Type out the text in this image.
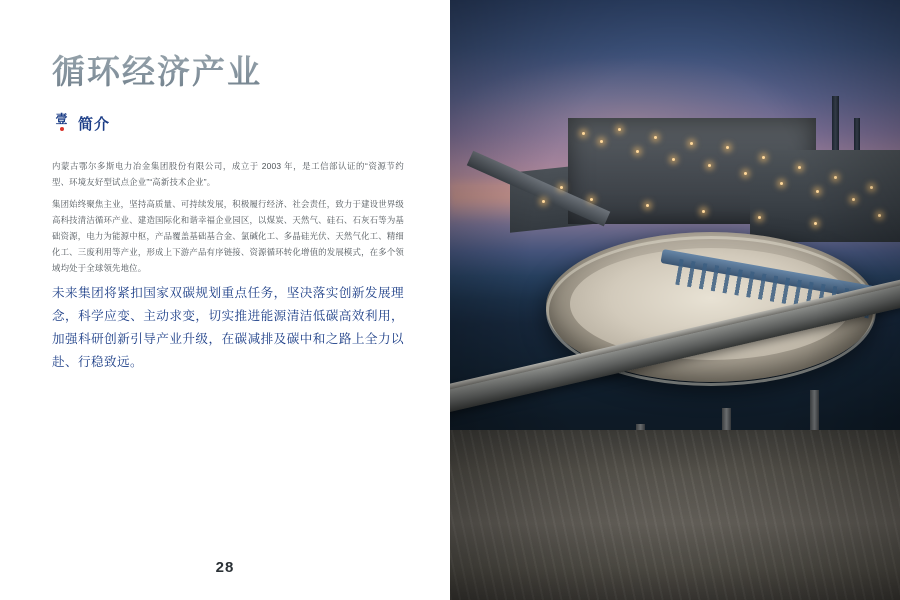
循环经济产业
壹 简介
内蒙古鄂尔多斯电力冶金集团股份有限公司，成立于 2003 年，是工信部认证的“资源节约型、环境友好型试点企业”“高新技术企业”。
集团始终聚焦主业，坚持高质量、可持续发展，积极履行经济、社会责任，致力于建设世界级高科技清洁循环产业、建造国际化和谐幸福企业园区，以煤炭、天然气、硅石、石灰石等为基础资源，电力为能源中枢，产品覆盖基础基合金、氯碱化工、多晶硅光伏、天然气化工、精细化工、三废利用等产业，形成上下游产品有序链接、资源循环转化增值的发展模式，在多个领域均处于全球领先地位。
未来集团将紧扣国家双碳规划重点任务，坚决落实创新发展理念，科学应变、主动求变，切实推进能源清洁低碳高效利用，加强科研创新引导产业升级，在碳减排及碳中和之路上全力以赴、行稳致远。
28
